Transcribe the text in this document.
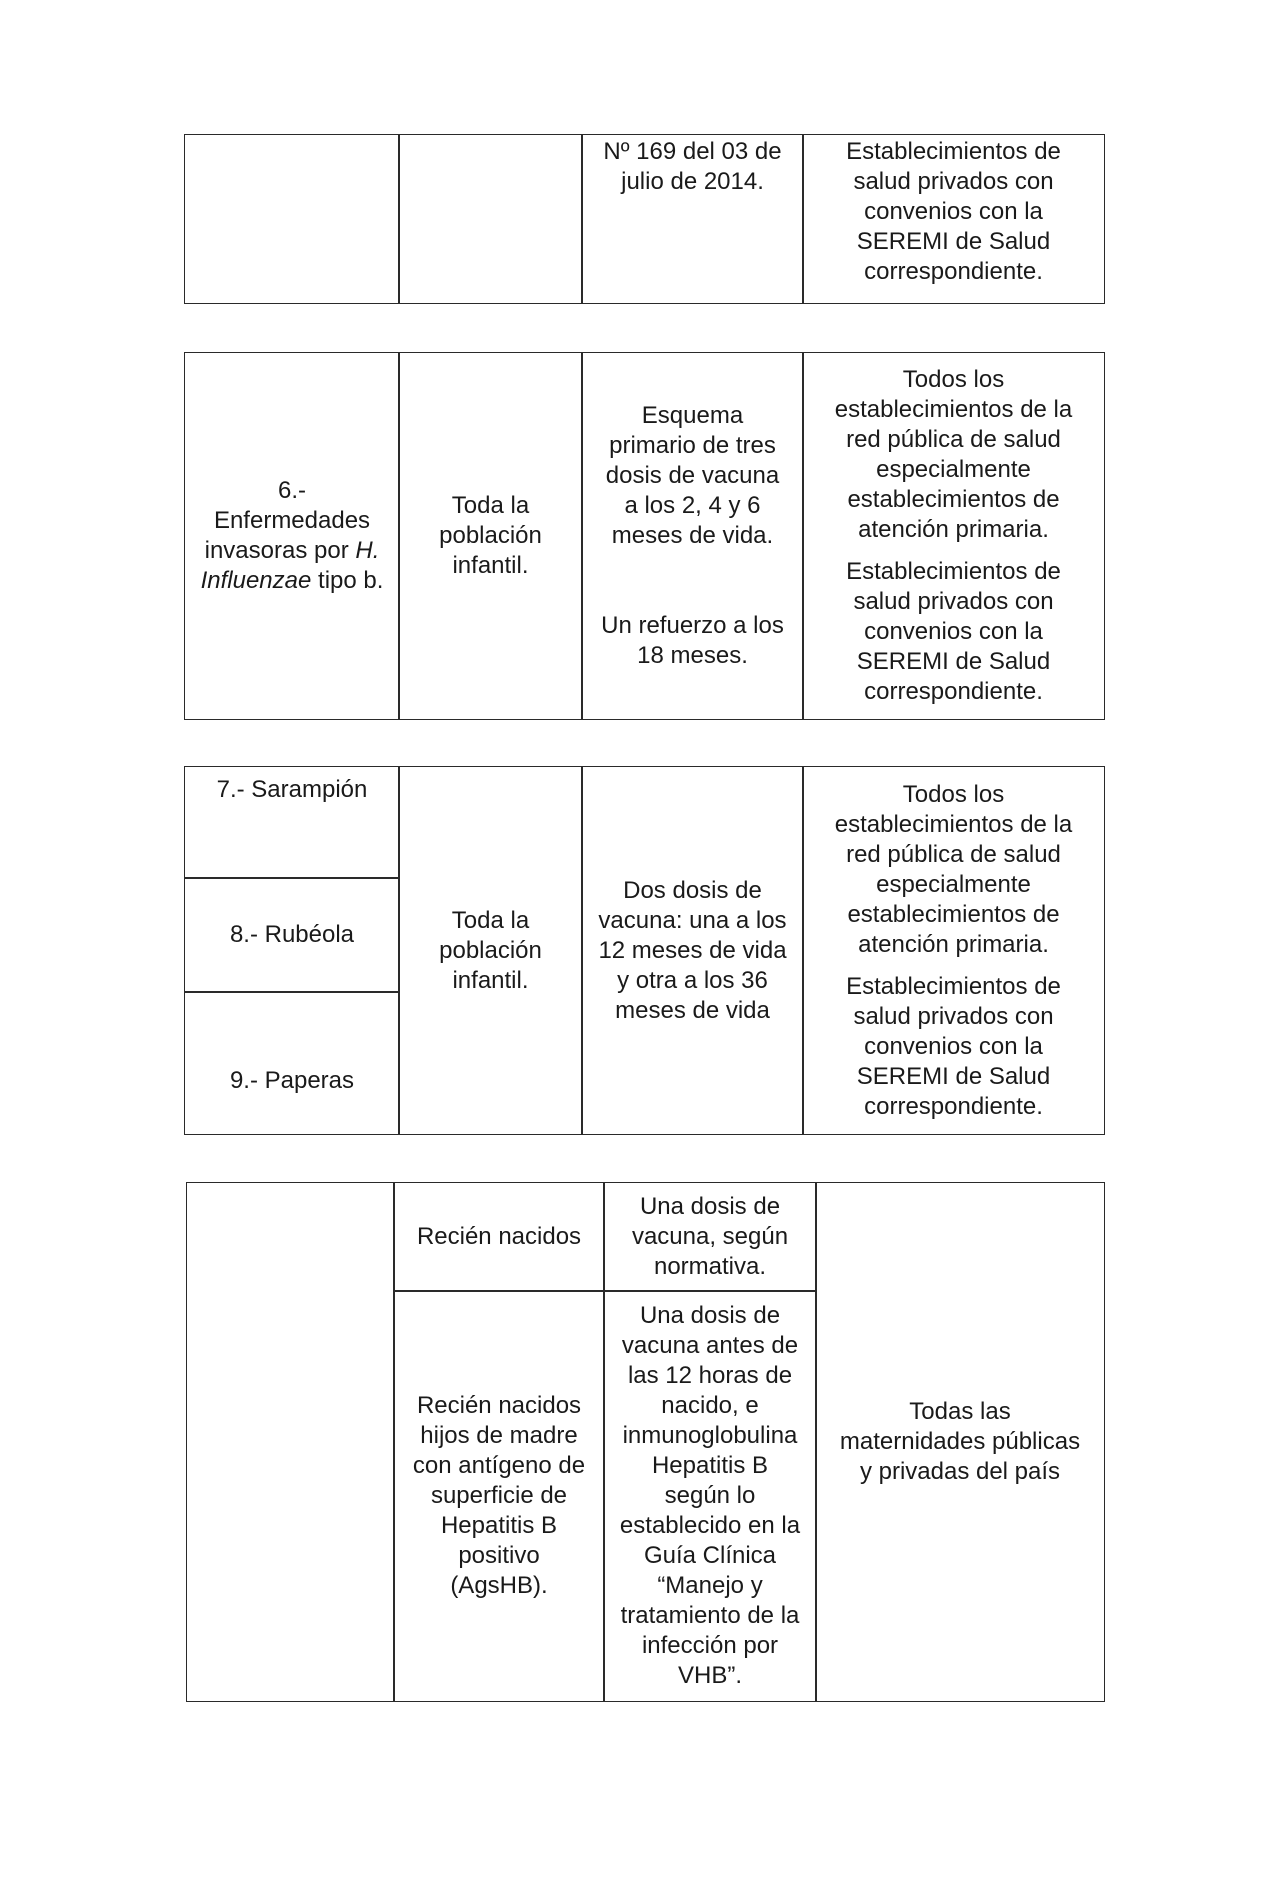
Nº 169 del 03 de

julio de 2014.

Establecimientos de

salud privados con

convenios con la

SEREMI de Salud

correspondiente.

6.-

Enfermedades

invasoras por H.

Influenzae tipo b.

Toda la

población

infantil.

Esquema

primario de tres

dosis de vacuna

a los 2, 4 y 6

meses de vida.

Un refuerzo a los

18 meses.

Todos los

establecimientos de la

red pública de salud

especialmente

establecimientos de

atención primaria.

Establecimientos de

salud privados con

convenios con la

SEREMI de Salud

correspondiente.

7.- Sarampión

8.- Rubéola

9.- Paperas

Toda la

población

infantil.

Dos dosis de

vacuna: una a los

12 meses de vida

y otra a los 36

meses de vida

Todos los

establecimientos de la

red pública de salud

especialmente

establecimientos de

atención primaria.

Establecimientos de

salud privados con

convenios con la

SEREMI de Salud

correspondiente.

Recién nacidos

Una dosis de

vacuna, según

normativa.

Recién nacidos

hijos de madre

con antígeno de

superficie de

Hepatitis B

positivo

(AgsHB).

Una dosis de

vacuna antes de

las 12 horas de

nacido, e

inmunoglobulina

Hepatitis B

según lo

establecido en la

Guía Clínica

“Manejo y

tratamiento de la

infección por

VHB”.

Todas las

maternidades públicas

y privadas del país
